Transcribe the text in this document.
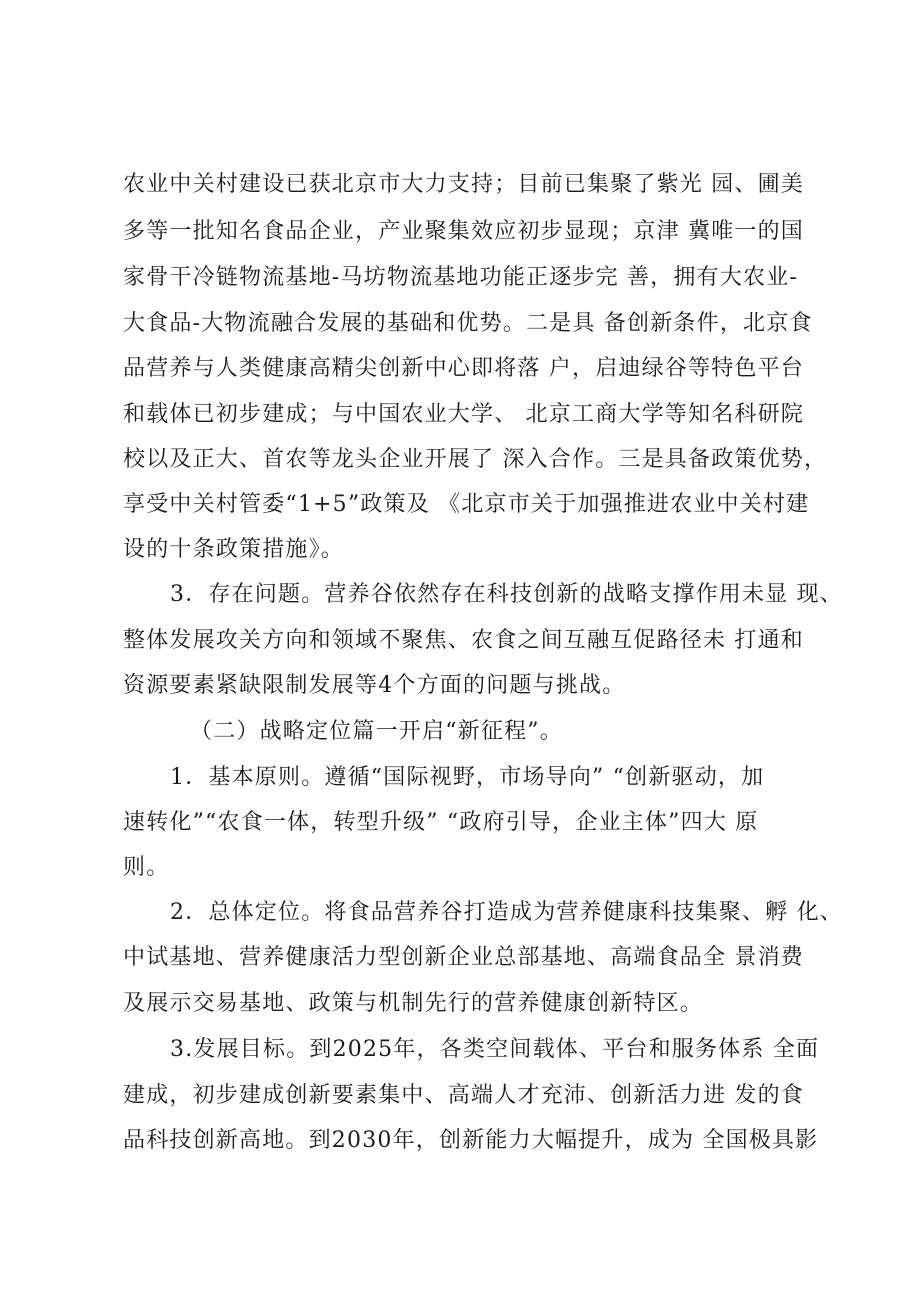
农业中关村建设已获北京市大力支持；目前已集聚了紫光 园、圃美
多等一批知名食品企业，产业聚集效应初步显现；京津 冀唯一的国
家骨干冷链物流基地-马坊物流基地功能正逐步完 善，拥有大农业-
大食品-大物流融合发展的基础和优势。二是具 备创新条件，北京食
品营养与人类健康高精尖创新中心即将落 户，启迪绿谷等特色平台
和载体已初步建成；与中国农业大学、 北京工商大学等知名科研院
校以及正大、首农等龙头企业开展了 深入合作。三是具备政策优势，
享受中关村管委“1+5”政策及 《北京市关于加强推进农业中关村建
设的十条政策措施》。
3．存在问题。营养谷依然存在科技创新的战略支撑作用未显 现、
整体发展攻关方向和领域不聚焦、农食之间互融互促路径未 打通和
资源要素紧缺限制发展等4个方面的问题与挑战。
（二）战略定位篇一开启“新征程”。
1．基本原则。遵循“国际视野，市场导向” “创新驱动，加
速转化”“农食一体，转型升级” “政府引导，企业主体”四大 原
则。
2．总体定位。将食品营养谷打造成为营养健康科技集聚、孵 化、
中试基地、营养健康活力型创新企业总部基地、高端食品全 景消费
及展示交易基地、政策与机制先行的营养健康创新特区。
3.发展目标。到2025年，各类空间载体、平台和服务体系 全面
建成，初步建成创新要素集中、高端人才充沛、创新活力进 发的食
品科技创新高地。到2030年，创新能力大幅提升，成为 全国极具影
